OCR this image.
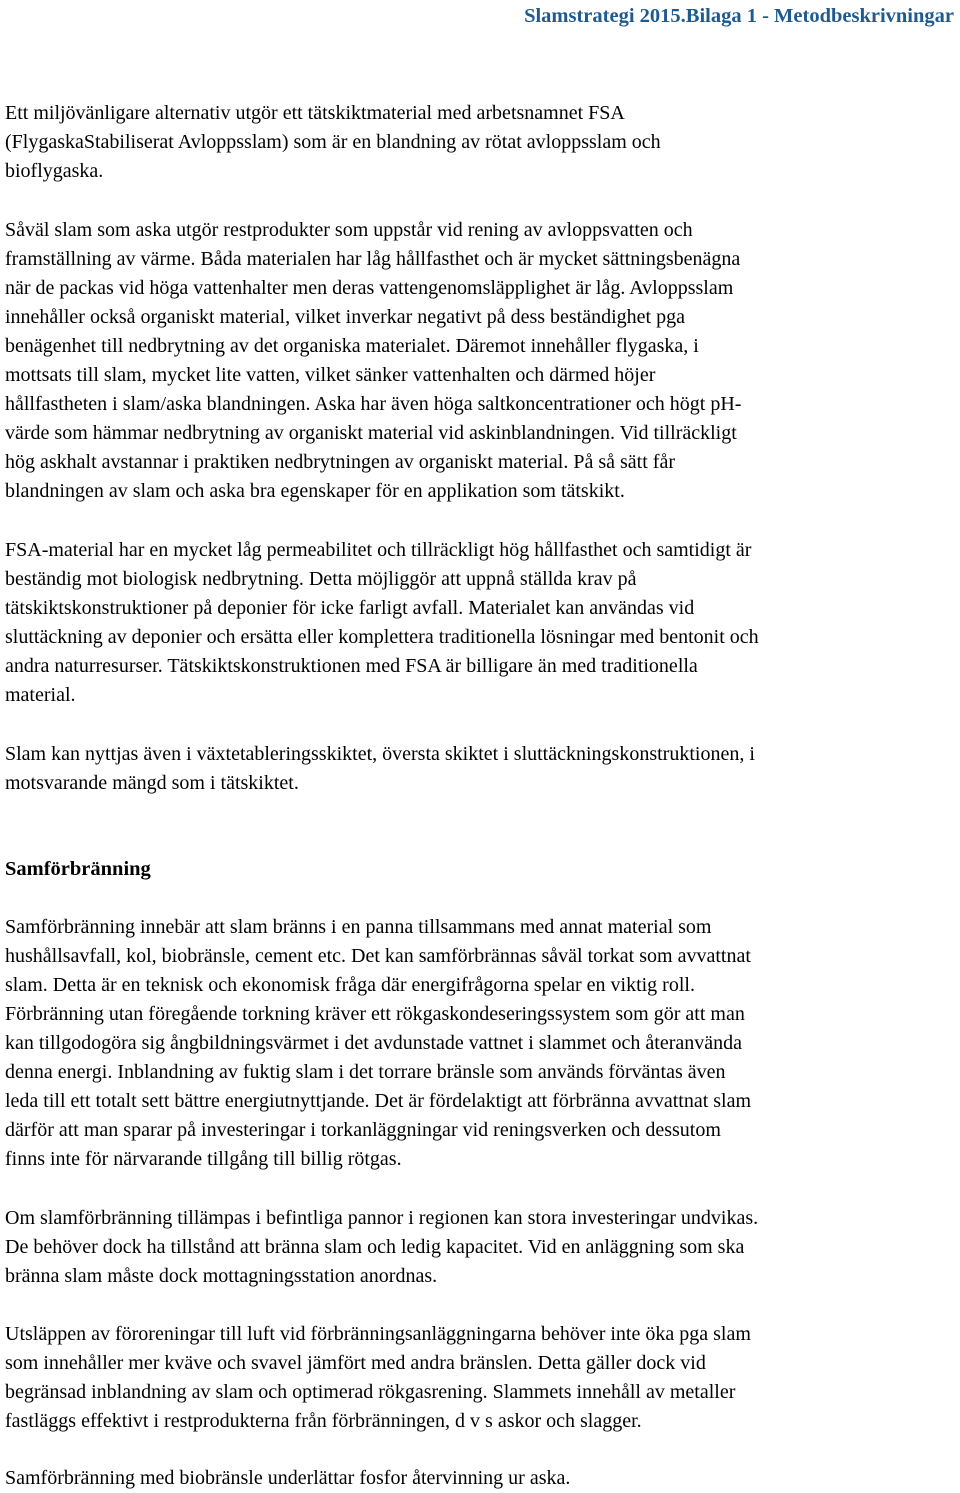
Slamstrategi 2015.Bilaga 1 - Metodbeskrivningar

Ett miljövänligare alternativ utgör ett tätskiktmaterial med arbetsnamnet FSA
(FlygaskaStabiliserat Avloppsslam) som är en blandning av rötat avloppsslam och
bioflygaska.

Såväl slam som aska utgör restprodukter som uppstår vid rening av avloppsvatten och
framställning av värme. Båda materialen har låg hållfasthet och är mycket sättningsbenägna
när de packas vid höga vattenhalter men deras vattengenomsläpplighet är låg. Avloppsslam
innehåller också organiskt material, vilket inverkar negativt på dess beständighet pga
benägenhet till nedbrytning av det organiska materialet. Däremot innehåller flygaska, i
mottsats till slam, mycket lite vatten, vilket sänker vattenhalten och därmed höjer
hållfastheten i slam/aska blandningen. Aska har även höga saltkoncentrationer och högt pH-
värde som hämmar nedbrytning av organiskt material vid askinblandningen. Vid tillräckligt
hög askhalt avstannar i praktiken nedbrytningen av organiskt material. På så sätt får
blandningen av slam och aska bra egenskaper för en applikation som tätskikt.

FSA-material har en mycket låg permeabilitet och tillräckligt hög hållfasthet och samtidigt är
beständig mot biologisk nedbrytning. Detta möjliggör att uppnå ställda krav på
tätskiktskonstruktioner på deponier för icke farligt avfall. Materialet kan användas vid
sluttäckning av deponier och ersätta eller komplettera traditionella lösningar med bentonit och
andra naturresurser. Tätskiktskonstruktionen med FSA är billigare än med traditionella
material.

Slam kan nyttjas även i växtetableringsskiktet, översta skiktet i sluttäckningskonstruktionen, i
motsvarande mängd som i tätskiktet.

Samförbränning

Samförbränning innebär att slam bränns i en panna tillsammans med annat material som
hushållsavfall, kol, biobränsle, cement etc. Det kan samförbrännas såväl torkat som avvattnat
slam. Detta är en teknisk och ekonomisk fråga där energifrågorna spelar en viktig roll.
Förbränning utan föregående torkning kräver ett rökgaskondeseringssystem som gör att man
kan tillgodogöra sig ångbildningsvärmet i det avdunstade vattnet i slammet och återanvända
denna energi. Inblandning av fuktig slam i det torrare bränsle som används förväntas även
leda till ett totalt sett bättre energiutnyttjande. Det är fördelaktigt att förbränna avvattnat slam
därför att man sparar på investeringar i torkanläggningar vid reningsverken och dessutom
finns inte för närvarande tillgång till billig rötgas.

Om slamförbränning tillämpas i befintliga pannor i regionen kan stora investeringar undvikas.
De behöver dock ha tillstånd att bränna slam och ledig kapacitet. Vid en anläggning som ska
bränna slam måste dock mottagningsstation anordnas.

Utsläppen av föroreningar till luft vid förbränningsanläggningarna behöver inte öka pga slam
som innehåller mer kväve och svavel jämfört med andra bränslen. Detta gäller dock vid
begränsad inblandning av slam och optimerad rökgasrening. Slammets innehåll av metaller
fastläggs effektivt i restprodukterna från förbränningen, d v s askor och slagger.

Samförbränning med biobränsle underlättar fosfor återvinning ur aska.
